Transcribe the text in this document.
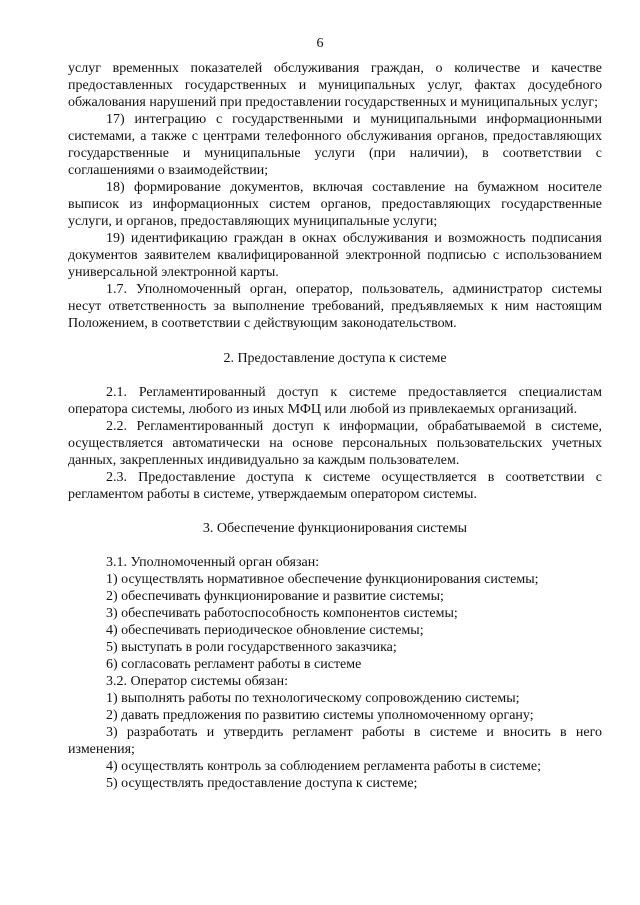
6

услуг временных показателей обслуживания граждан, о количестве и качестве предоставленных государственных и муниципальных услуг, фактах досудебного обжалования нарушений при предоставлении государственных и муниципальных услуг;

17) интеграцию с государственными и муниципальными информационными системами, а также с центрами телефонного обслуживания органов, предоставляющих государственные и муниципальные услуги (при наличии), в соответствии с соглашениями о взаимодействии;

18) формирование документов, включая составление на бумажном носителе выписок из информационных систем органов, предоставляющих государственные услуги, и органов, предоставляющих муниципальные услуги;

19) идентификацию граждан в окнах обслуживания и возможность подписания документов заявителем квалифицированной электронной подписью с использованием универсальной электронной карты.

1.7. Уполномоченный орган, оператор, пользователь, администратор системы несут ответственность за выполнение требований, предъявляемых к ним настоящим Положением, в соответствии с действующим законодательством.

2. Предоставление доступа к системе

2.1. Регламентированный доступ к системе предоставляется специалистам оператора системы, любого из иных МФЦ или любой из привлекаемых организаций.

2.2. Регламентированный доступ к информации, обрабатываемой в системе, осуществляется автоматически на основе персональных пользовательских учетных данных, закрепленных индивидуально за каждым пользователем.

2.3. Предоставление доступа к системе осуществляется в соответствии с регламентом работы в системе, утверждаемым оператором системы.

3. Обеспечение функционирования системы

3.1. Уполномоченный орган обязан:

1) осуществлять нормативное обеспечение функционирования системы;

2) обеспечивать функционирование и развитие системы;

3) обеспечивать работоспособность компонентов системы;

4) обеспечивать периодическое обновление системы;

5) выступать в роли государственного заказчика;

6) согласовать регламент работы в системе

3.2. Оператор системы обязан:

1) выполнять работы по технологическому сопровождению системы;

2) давать предложения по развитию системы уполномоченному органу;

3) разработать и утвердить регламент работы в системе и вносить в него изменения;

4) осуществлять контроль за соблюдением регламента работы в системе;

5) осуществлять предоставление доступа к системе;
